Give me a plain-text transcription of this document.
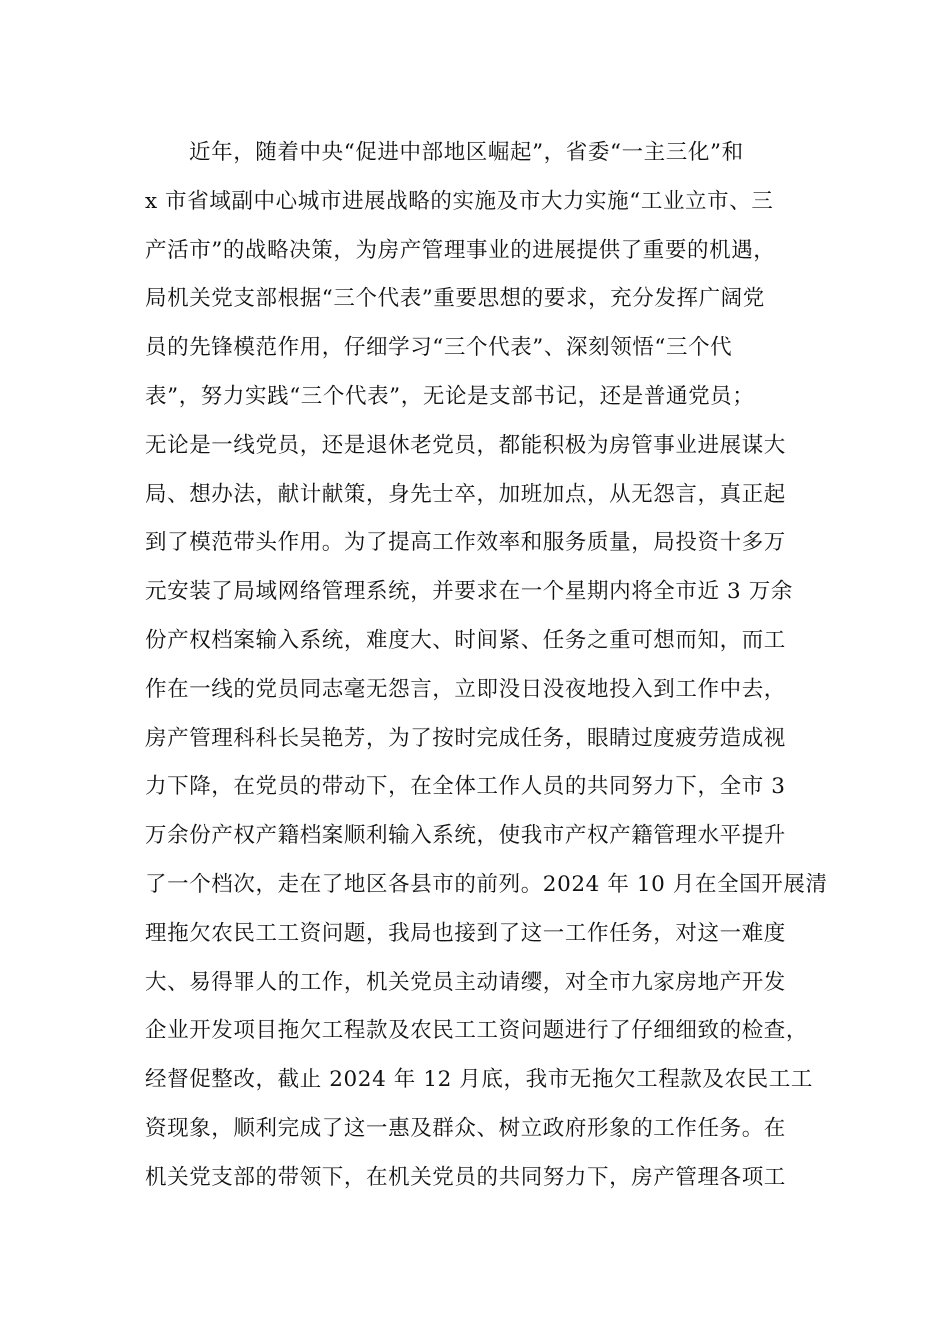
近年，随着中央“促进中部地区崛起”，省委“一主三化”和
x 市省域副中心城市进展战略的实施及市大力实施“工业立市、三
产活市”的战略决策，为房产管理事业的进展提供了重要的机遇，
局机关党支部根据“三个代表”重要思想的要求，充分发挥广阔党
员的先锋模范作用，仔细学习“三个代表”、深刻领悟“三个代
表”，努力实践“三个代表”，无论是支部书记，还是普通党员；
无论是一线党员，还是退休老党员，都能积极为房管事业进展谋大
局、想办法，献计献策，身先士卒，加班加点，从无怨言，真正起
到了模范带头作用。为了提高工作效率和服务质量，局投资十多万
元安装了局域网络管理系统，并要求在一个星期内将全市近 3 万余
份产权档案输入系统，难度大、时间紧、任务之重可想而知，而工
作在一线的党员同志毫无怨言，立即没日没夜地投入到工作中去，
房产管理科科长吴艳芳，为了按时完成任务，眼睛过度疲劳造成视
力下降，在党员的带动下，在全体工作人员的共同努力下，全市 3
万余份产权产籍档案顺利输入系统，使我市产权产籍管理水平提升
了一个档次，走在了地区各县市的前列。2024 年 10 月在全国开展清
理拖欠农民工工资问题，我局也接到了这一工作任务，对这一难度
大、易得罪人的工作，机关党员主动请缨，对全市九家房地产开发
企业开发项目拖欠工程款及农民工工资问题进行了仔细细致的检查，
经督促整改，截止 2024 年 12 月底，我市无拖欠工程款及农民工工
资现象，顺利完成了这一惠及群众、树立政府形象的工作任务。在
机关党支部的带领下，在机关党员的共同努力下，房产管理各项工
